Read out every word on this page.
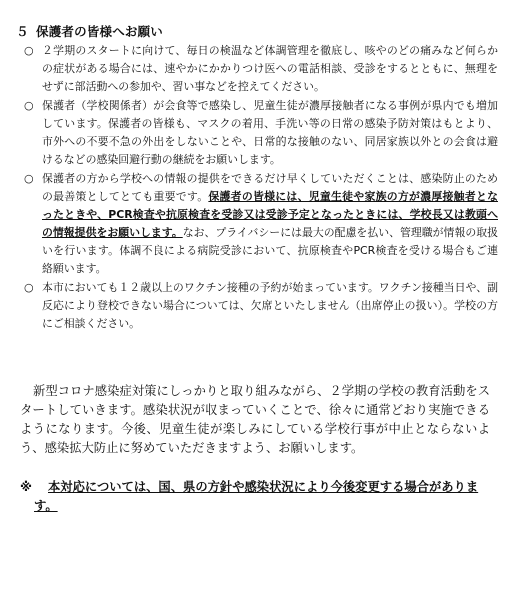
５ 保護者の皆様へお願い
○ ２学期のスタートに向けて、毎日の検温など体調管理を徹底し、咳やのどの痛みなど何らかの症状がある場合には、速やかにかかりつけ医への電話相談、受診をするとともに、無理をせずに部活動への参加や、習い事などを控えてください。

○ 保護者（学校関係者）が会食等で感染し、児童生徒が濃厚接触者になる事例が県内でも増加しています。保護者の皆様も、マスクの着用、手洗い等の日常の感染予防対策はもとより、市外への不要不急の外出をしないことや、日常的な接触のない、同居家族以外との会食は避けるなどの感染回避行動の継続をお願いします。

○ 保護者の方から学校への情報の提供をできるだけ早くしていただくことは、感染防止のための最善策としてとても重要です。保護者の皆様には、児童生徒や家族の方が濃厚接触者となったときや、PCR検査や抗原検査を受診又は受診予定となったときには、学校長又は教頭への情報提供をお願いします。なお、プライバシーには最大の配慮を払い、管理職が情報の取扱いを行います。体調不良による病院受診において、抗原検査やPCR検査を受ける場合もご連絡願います。

○ 本市においても１２歳以上のワクチン接種の予約が始まっています。ワクチン接種当日や、副反応により登校できない場合については、欠席といたしません（出席停止の扱い）。学校の方にご相談ください。

新型コロナ感染症対策にしっかりと取り組みながら、２学期の学校の教育活動をスタートしていきます。感染状況が収まっていくことで、徐々に通常どおり実施できるようになります。今後、児童生徒が楽しみにしている学校行事が中止とならないよう、感染拡大防止に努めていただきますよう、お願いします。

※	本対応については、国、県の方針や感染状況により今後変更する場合があります。
